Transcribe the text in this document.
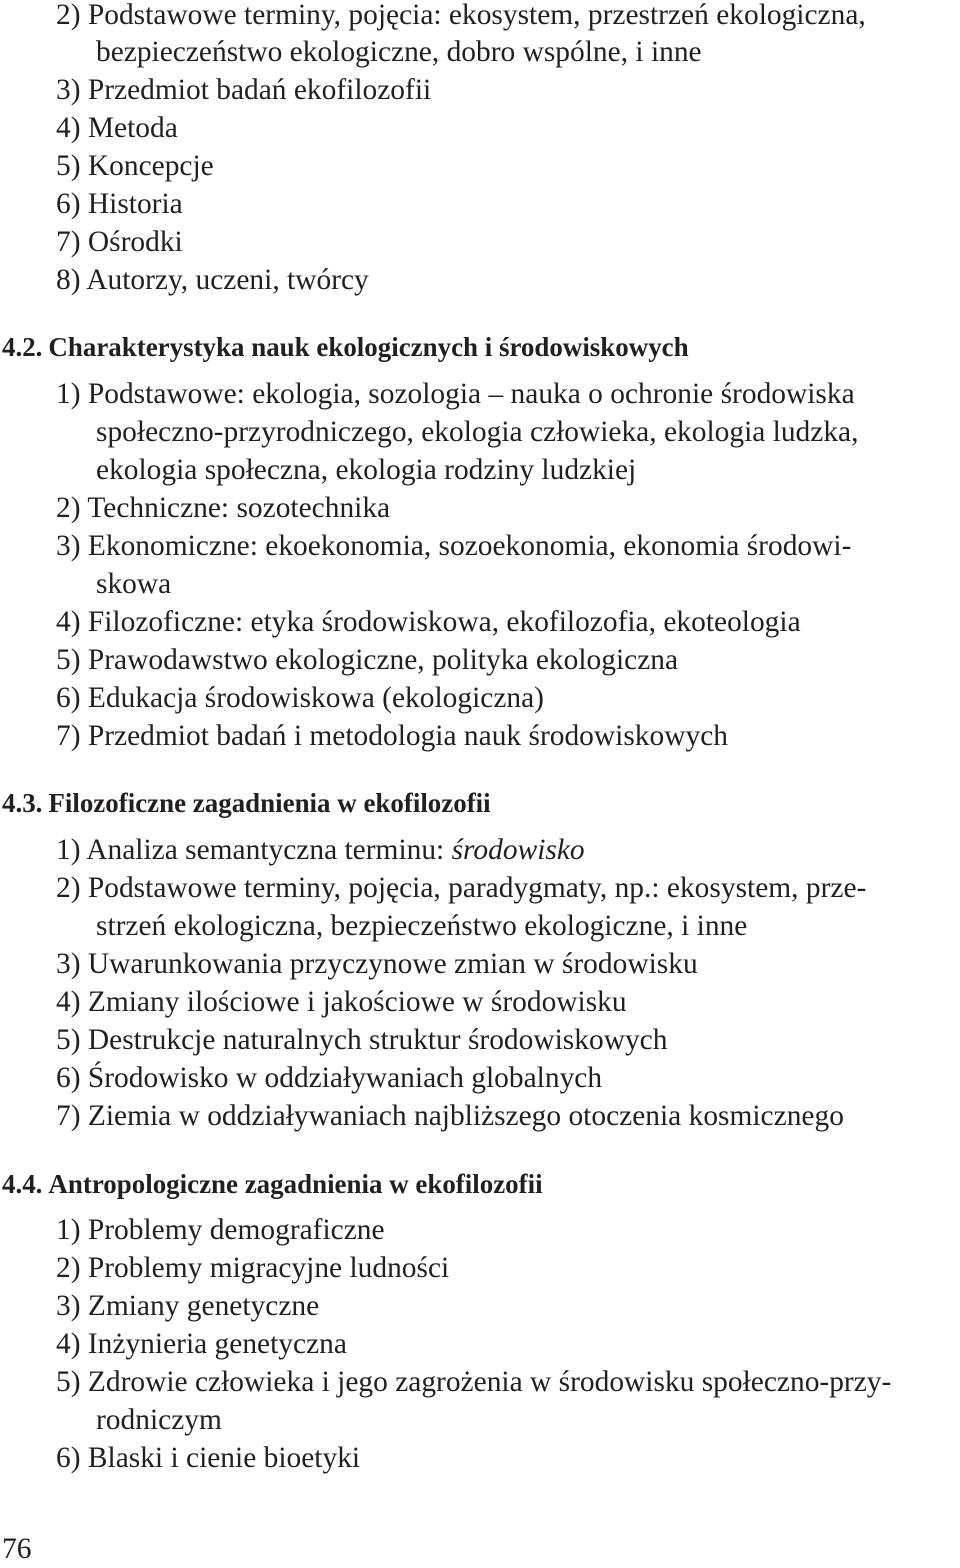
2) Podstawowe terminy, pojęcia: ekosystem, przestrzeń ekologiczna,
bezpieczeństwo ekologiczne, dobro wspólne, i inne
3) Przedmiot badań ekofilozofii
4) Metoda
5) Koncepcje
6) Historia
7) Ośrodki
8) Autorzy, uczeni, twórcy
4.2. Charakterystyka nauk ekologicznych i środowiskowych
1) Podstawowe: ekologia, sozologia – nauka o ochronie środowiska
społeczno-przyrodniczego, ekologia człowieka, ekologia ludzka,
ekologia społeczna, ekologia rodziny ludzkiej
2) Techniczne: sozotechnika
3) Ekonomiczne: ekoekonomia, sozoekonomia, ekonomia środowi-
skowa
4) Filozoficzne: etyka środowiskowa, ekofilozofia, ekoteologia
5) Prawodawstwo ekologiczne, polityka ekologiczna
6) Edukacja środowiskowa (ekologiczna)
7) Przedmiot badań i metodologia nauk środowiskowych
4.3. Filozoficzne zagadnienia w ekofilozofii
1) Analiza semantyczna terminu: środowisko
2) Podstawowe terminy, pojęcia, paradygmaty, np.: ekosystem, prze-
strzeń ekologiczna, bezpieczeństwo ekologiczne, i inne
3) Uwarunkowania przyczynowe zmian w środowisku
4) Zmiany ilościowe i jakościowe w środowisku
5) Destrukcje naturalnych struktur środowiskowych
6) Środowisko w oddziaływaniach globalnych
7) Ziemia w oddziaływaniach najbliższego otoczenia kosmicznego
4.4. Antropologiczne zagadnienia w ekofilozofii
1) Problemy demograficzne
2) Problemy migracyjne ludności
3) Zmiany genetyczne
4) Inżynieria genetyczna
5) Zdrowie człowieka i jego zagrożenia w środowisku społeczno-przy-
rodniczym
6) Blaski i cienie bioetyki
76
